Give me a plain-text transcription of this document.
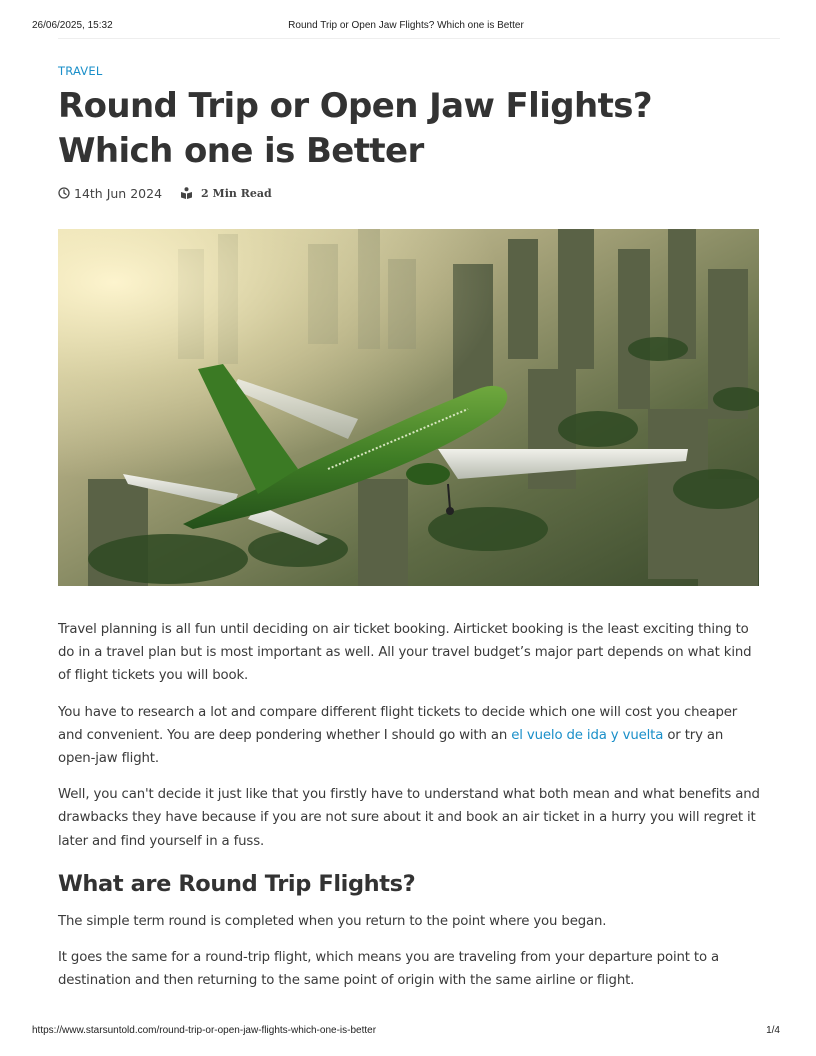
26/06/2025, 15:32	Round Trip or Open Jaw Flights? Which one is Better
TRAVEL
Round Trip or Open Jaw Flights? Which one is Better
14th Jun 2024	2 Min Read

Travel planning is all fun until deciding on air ticket booking. Airticket booking is the least exciting thing to do in a travel plan but is most important as well. All your travel budget’s major part depends on what kind of flight tickets you will book.

You have to research a lot and compare different flight tickets to decide which one will cost you cheaper and convenient. You are deep pondering whether I should go with an el vuelo de ida y vuelta or try an open-jaw flight.

Well, you can't decide it just like that you firstly have to understand what both mean and what benefits and drawbacks they have because if you are not sure about it and book an air ticket in a hurry you will regret it later and find yourself in a fuss.

What are Round Trip Flights?

The simple term round is completed when you return to the point where you began.

It goes the same for a round-trip flight, which means you are traveling from your departure point to a destination and then returning to the same point of origin with the same airline or flight.

https://www.starsuntold.com/round-trip-or-open-jaw-flights-which-one-is-better	1/4
